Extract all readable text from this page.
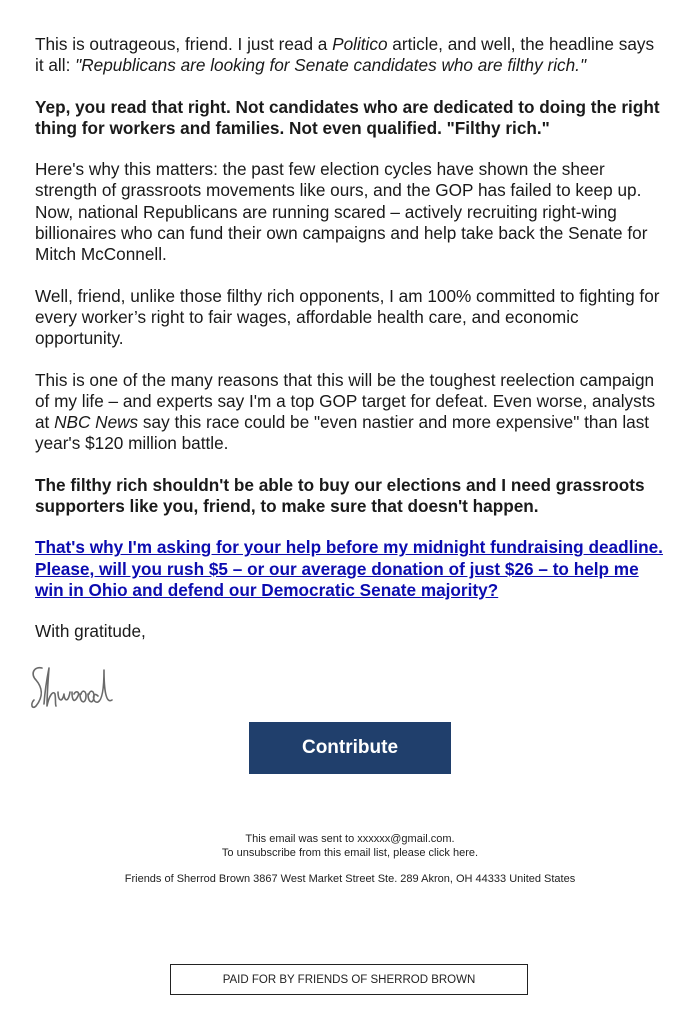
This is outrageous, friend. I just read a Politico article, and well, the headline says it all: "Republicans are looking for Senate candidates who are filthy rich."

Yep, you read that right. Not candidates who are dedicated to doing the right thing for workers and families. Not even qualified. "Filthy rich."

Here's why this matters: the past few election cycles have shown the sheer strength of grassroots movements like ours, and the GOP has failed to keep up. Now, national Republicans are running scared – actively recruiting right-wing billionaires who can fund their own campaigns and help take back the Senate for Mitch McConnell.

Well, friend, unlike those filthy rich opponents, I am 100% committed to fighting for every worker’s right to fair wages, affordable health care, and economic opportunity.

This is one of the many reasons that this will be the toughest reelection campaign of my life – and experts say I'm a top GOP target for defeat. Even worse, analysts at NBC News say this race could be "even nastier and more expensive" than last year's $120 million battle.

The filthy rich shouldn't be able to buy our elections and I need grassroots supporters like you, friend, to make sure that doesn't happen.

That's why I'm asking for your help before my midnight fundraising deadline. Please, will you rush $5 – or our average donation of just $26 – to help me win in Ohio and defend our Democratic Senate majority?

With gratitude,

Contribute
This email was sent to xxxxxx@gmail.com.
To unsubscribe from this email list, please click here.
Friends of Sherrod Brown 3867 West Market Street Ste. 289 Akron, OH 44333 United States
PAID FOR BY FRIENDS OF SHERROD BROWN
